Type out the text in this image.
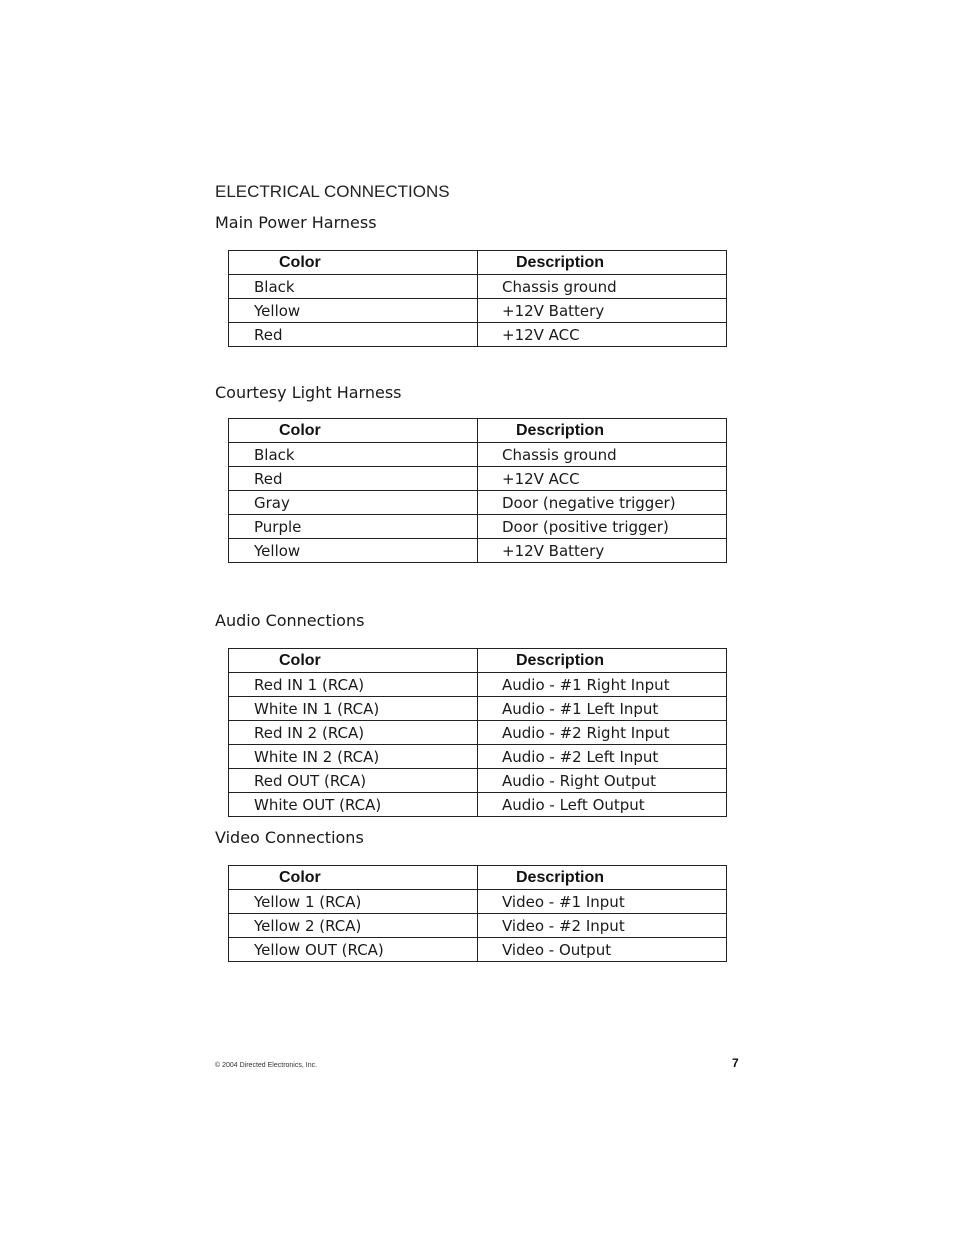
ELECTRICAL CONNECTIONS
Main Power Harness
Color	Description
Black	Chassis ground
Yellow	+12V Battery
Red	+12V ACC
Courtesy Light Harness
Color	Description
Black	Chassis ground
Red	+12V ACC
Gray	Door (negative trigger)
Purple	Door (positive trigger)
Yellow	+12V Battery
Audio Connections
Color	Description
Red IN 1 (RCA)	Audio - #1 Right Input
White IN 1 (RCA)	Audio - #1 Left Input
Red IN 2 (RCA)	Audio - #2 Right Input
White IN 2 (RCA)	Audio - #2 Left Input
Red OUT (RCA)	Audio - Right Output
White OUT (RCA)	Audio - Left Output
Video Connections
Color	Description
Yellow 1 (RCA)	Video - #1 Input
Yellow 2 (RCA)	Video - #2 Input
Yellow OUT (RCA)	Video - Output
© 2004 Directed Electronics, Inc.	7
